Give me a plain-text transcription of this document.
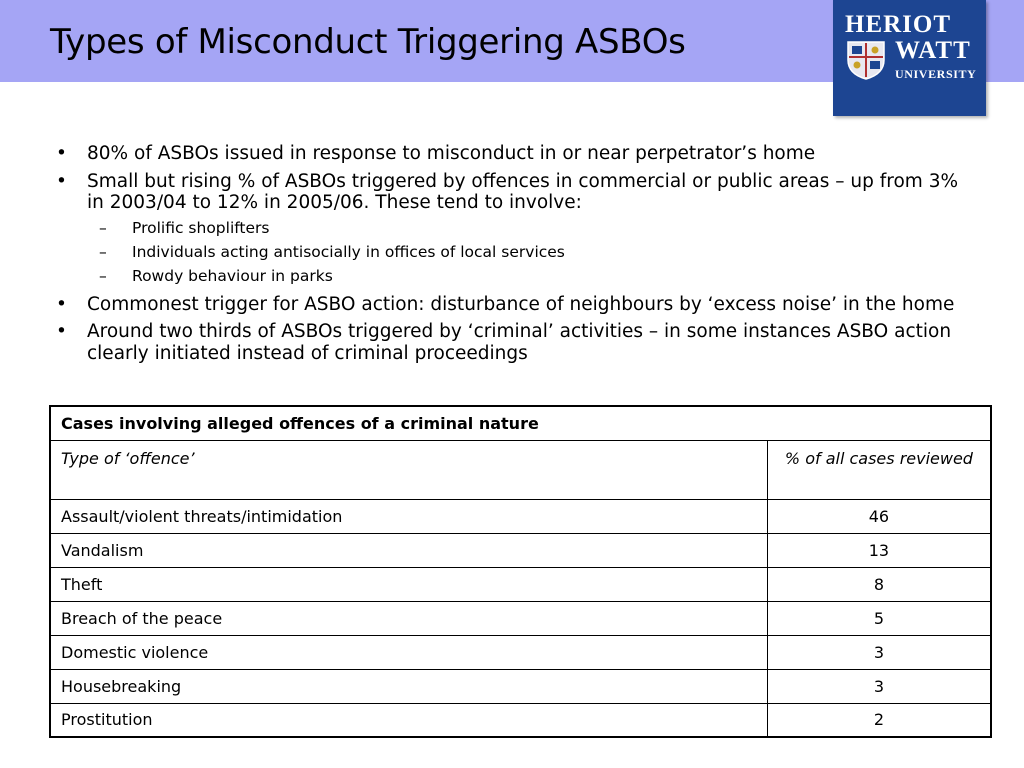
Types of Misconduct Triggering ASBOs	HERIOT
WATT
UNIVERSITY
• 80% of ASBOs issued in response to misconduct in or near perpetrator’s home
• Small but rising % of ASBOs triggered by offences in commercial or public areas – up from 3% in 2003/04 to 12% in 2005/06. These tend to involve:
– Prolific shoplifters
– Individuals acting antisocially in offices of local services
– Rowdy behaviour in parks
• Commonest trigger for ASBO action: disturbance of neighbours by ‘excess noise’ in the home
• Around two thirds of ASBOs triggered by ‘criminal’ activities – in some instances ASBO action clearly initiated instead of criminal proceedings
Cases involving alleged offences of a criminal nature	
Type of ‘offence’	% of all cases reviewed
Assault/violent threats/intimidation	46
Vandalism	13
Theft	8
Breach of the peace	5
Domestic violence	3
Housebreaking	3
Prostitution	2
